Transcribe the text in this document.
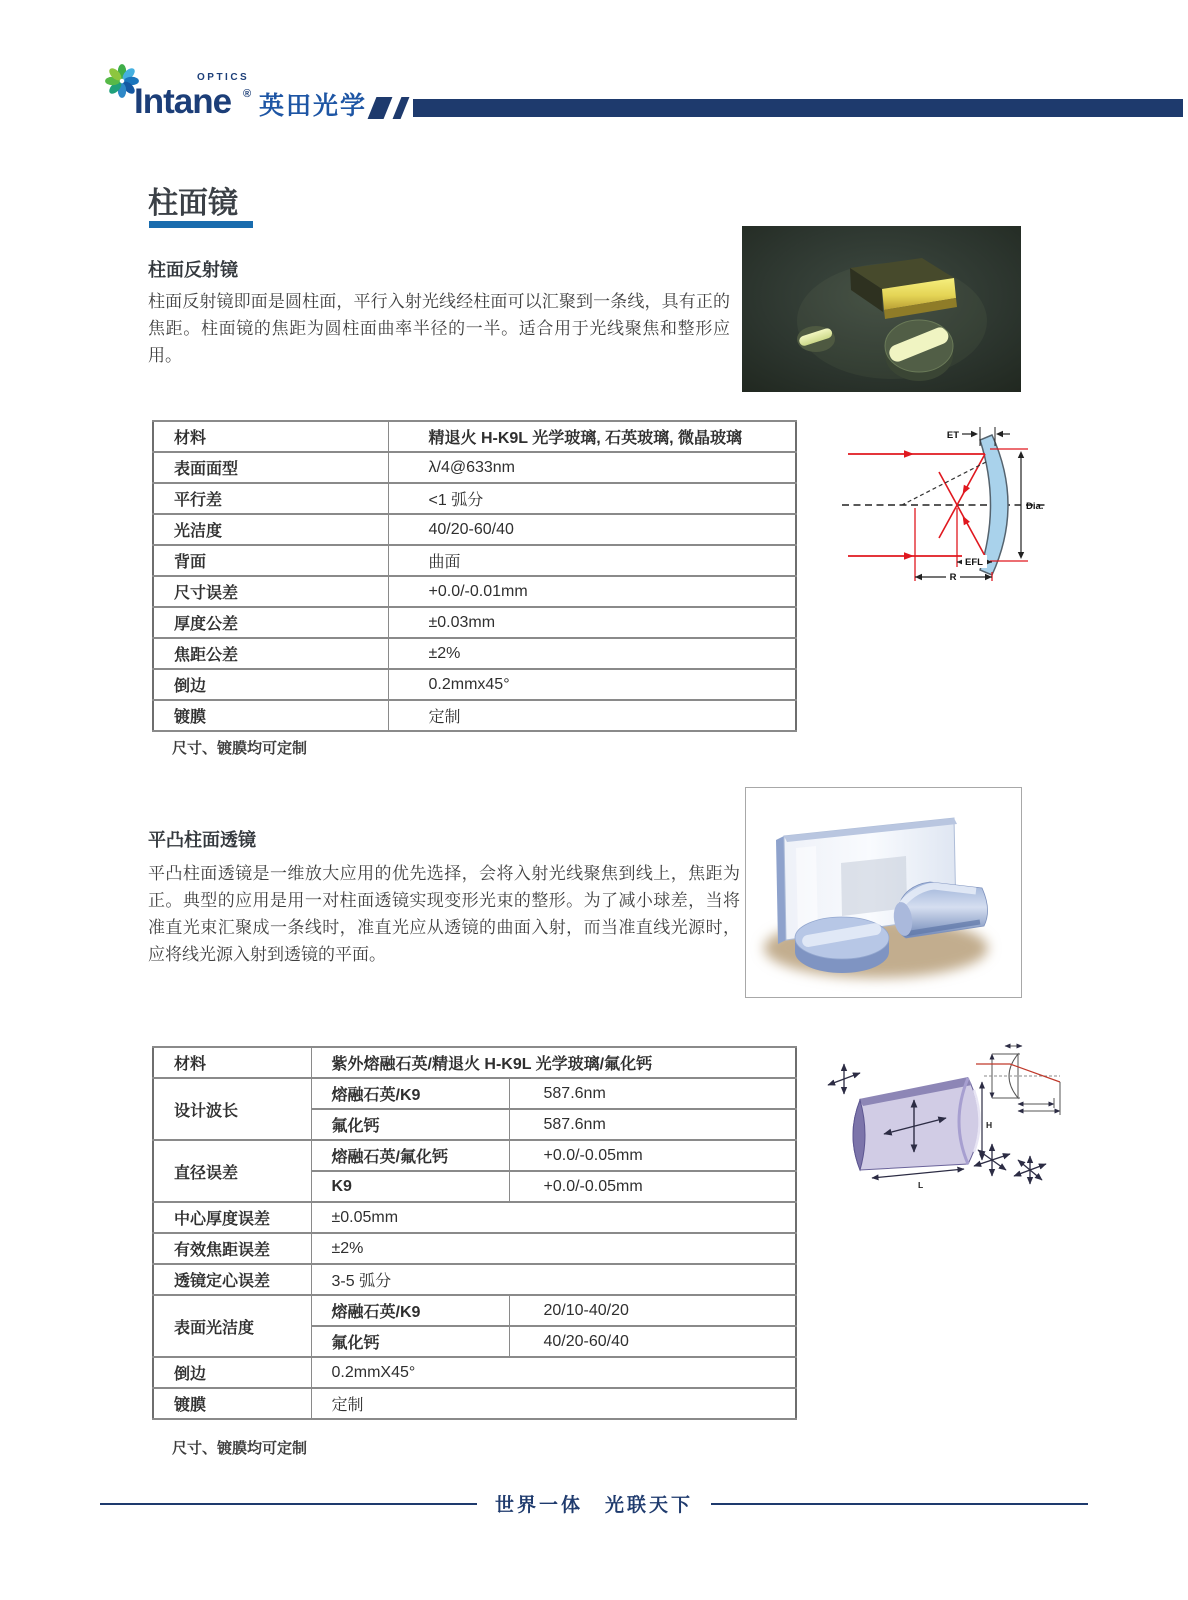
Intane
OPTICS
® 英田光学
柱面镜
柱面反射镜
柱面反射镜即面是圆柱面，平行入射光线经柱面可以汇聚到一条线，具有正的焦距。柱面镜的焦距为圆柱面曲率半径的一半。适合用于光线聚焦和整形应用。
材料	精退火 H-K9L 光学玻璃, 石英玻璃, 微晶玻璃
表面面型	λ/4@633nm
平行差	<1 弧分
光洁度	40/20-60/40
背面	曲面
尺寸误差	+0.0/-0.01mm
厚度公差	±0.03mm
焦距公差	±2%
倒边	0.2mmx45°
镀膜	定制
ET
Dia.
EFL
R
尺寸、镀膜均可定制
平凸柱面透镜
平凸柱面透镜是一维放大应用的优先选择，会将入射光线聚焦到线上，焦距为正。典型的应用是用一对柱面透镜实现变形光束的整形。为了减小球差，当将准直光束汇聚成一条线时，准直光应从透镜的曲面入射，而当准直线光源时，应将线光源入射到透镜的平面。
材料	紫外熔融石英/精退火 H-K9L 光学玻璃/氟化钙	
设计波长	熔融石英/K9	587.6nm
	氟化钙	587.6nm
直径误差	熔融石英/氟化钙	+0.0/-0.05mm
	K9	+0.0/-0.05mm
中心厚度误差	±0.05mm	
有效焦距误差	±2%	
透镜定心误差	3-5 弧分	
表面光洁度	熔融石英/K9	20/10-40/20
	氟化钙	40/20-60/40
倒边	0.2mmX45°	
镀膜	定制	
H
L
尺寸、镀膜均可定制
世界一体　光联天下
